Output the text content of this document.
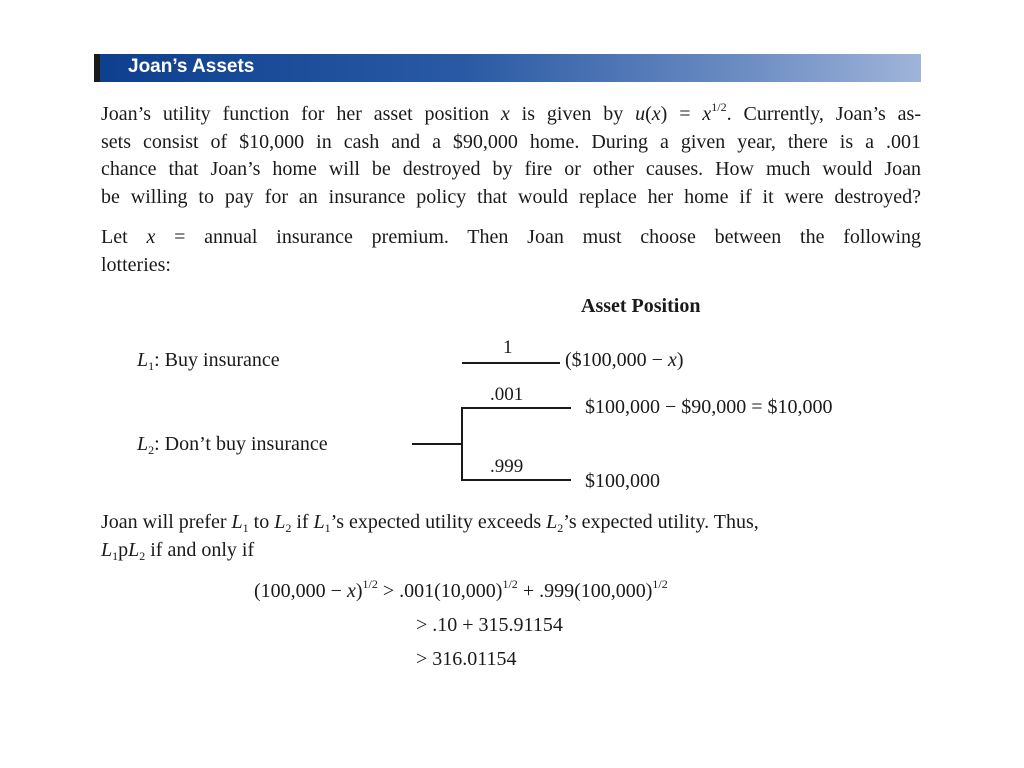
Joan’s Assets
Joan’s utility function for her asset position x is given by $u(x) = x^{1/2}$. Currently, Joan’s as-
sets consist of $10,000 in cash and a $90,000 home. During a given year, there is a .001
chance that Joan’s home will be destroyed by fire or other causes. How much would Joan
be willing to pay for an insurance policy that would replace her home if it were destroyed?
Let x = annual insurance premium. Then Joan must choose between the following
lotteries:
Asset Position
$L_1$: Buy insurance
1
($100,000 − x)
$L_2$: Don’t buy insurance
.001
.999
$100,000 − $90,000 = $10,000
$100,000
Joan will prefer $L_1$ to $L_2$ if $L_1’s$ expected utility exceeds $L_2’s$ expected utility. Thus,
$L_1pL_2$ if and only if
$(100,000 - x)^{1/2} > .001(10,000)^{1/2} + .999(100,000)^{1/2}$
> .10 + 315.91154
> 316.01154
